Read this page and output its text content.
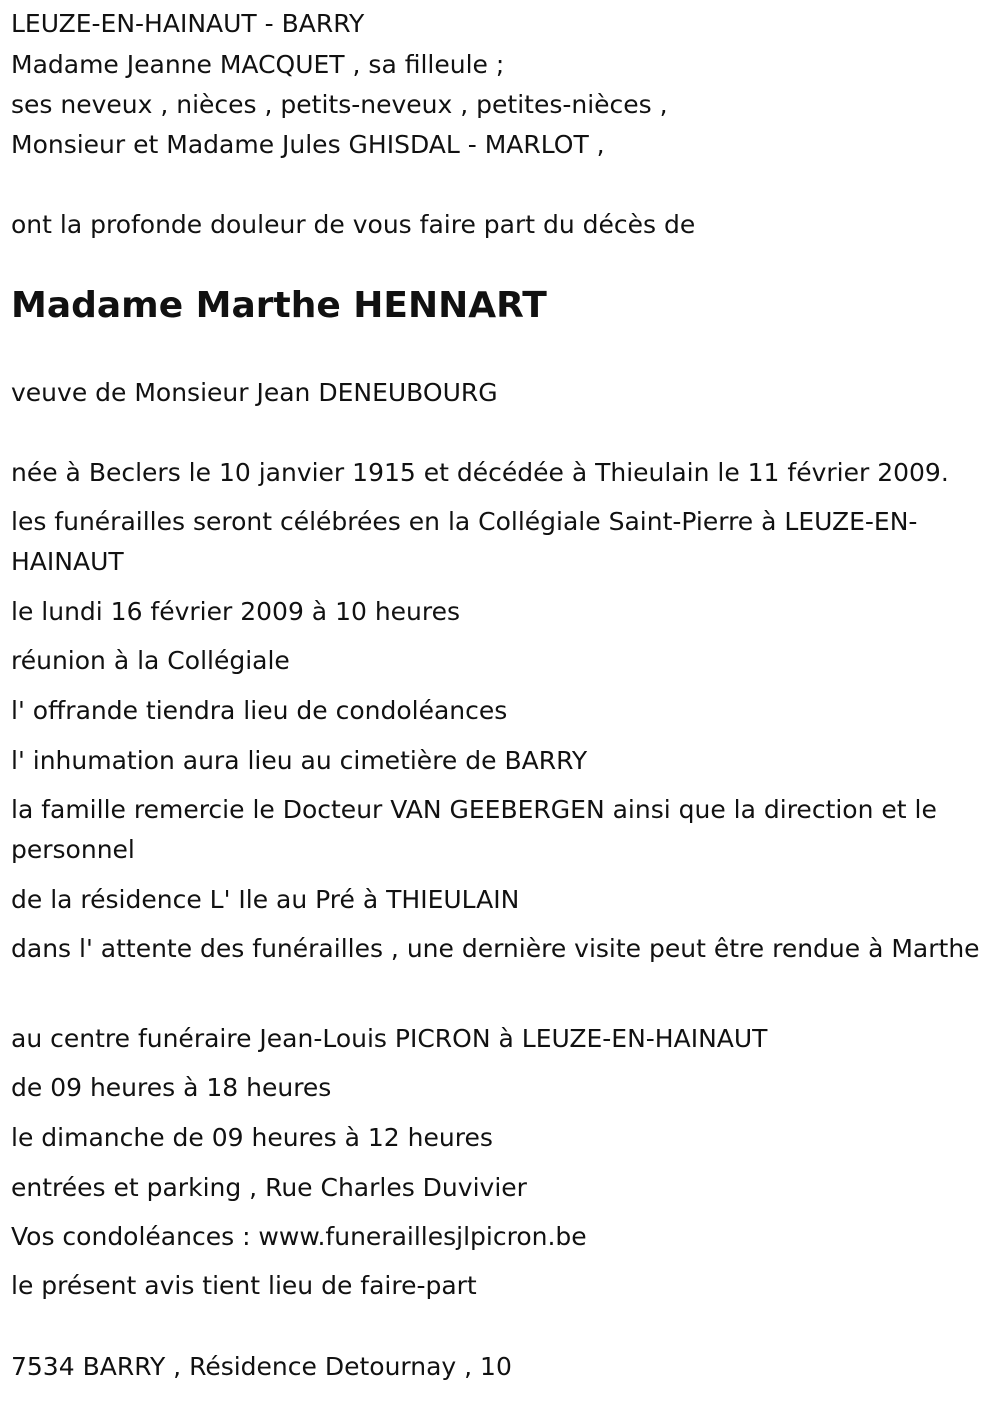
LEUZE-EN-HAINAUT - BARRY

Madame Jeanne MACQUET , sa filleule ;

ses neveux , nièces , petits-neveux , petites-nièces ,

Monsieur et Madame Jules GHISDAL - MARLOT ,

ont la profonde douleur de vous faire part du décès de

Madame Marthe HENNART

veuve de Monsieur Jean DENEUBOURG

née à Beclers le 10 janvier 1915 et décédée à Thieulain le 11 février 2009.

les funérailles seront célébrées en la Collégiale Saint-Pierre à LEUZE-EN-HAINAUT

le lundi 16 février 2009 à 10 heures

réunion à la Collégiale

l' offrande tiendra lieu de condoléances

l' inhumation aura lieu au cimetière de BARRY

la famille remercie le Docteur VAN GEEBERGEN ainsi que la direction et le personnel

de la résidence L' Ile au Pré à THIEULAIN

dans l' attente des funérailles , une dernière visite peut être rendue à Marthe

au centre funéraire Jean-Louis PICRON à LEUZE-EN-HAINAUT

de 09 heures à 18 heures

le dimanche de 09 heures à 12 heures

entrées et parking , Rue Charles Duvivier

Vos condoléances : www.funeraillesjlpicron.be

le présent avis tient lieu de faire-part

7534 BARRY , Résidence Detournay , 10
